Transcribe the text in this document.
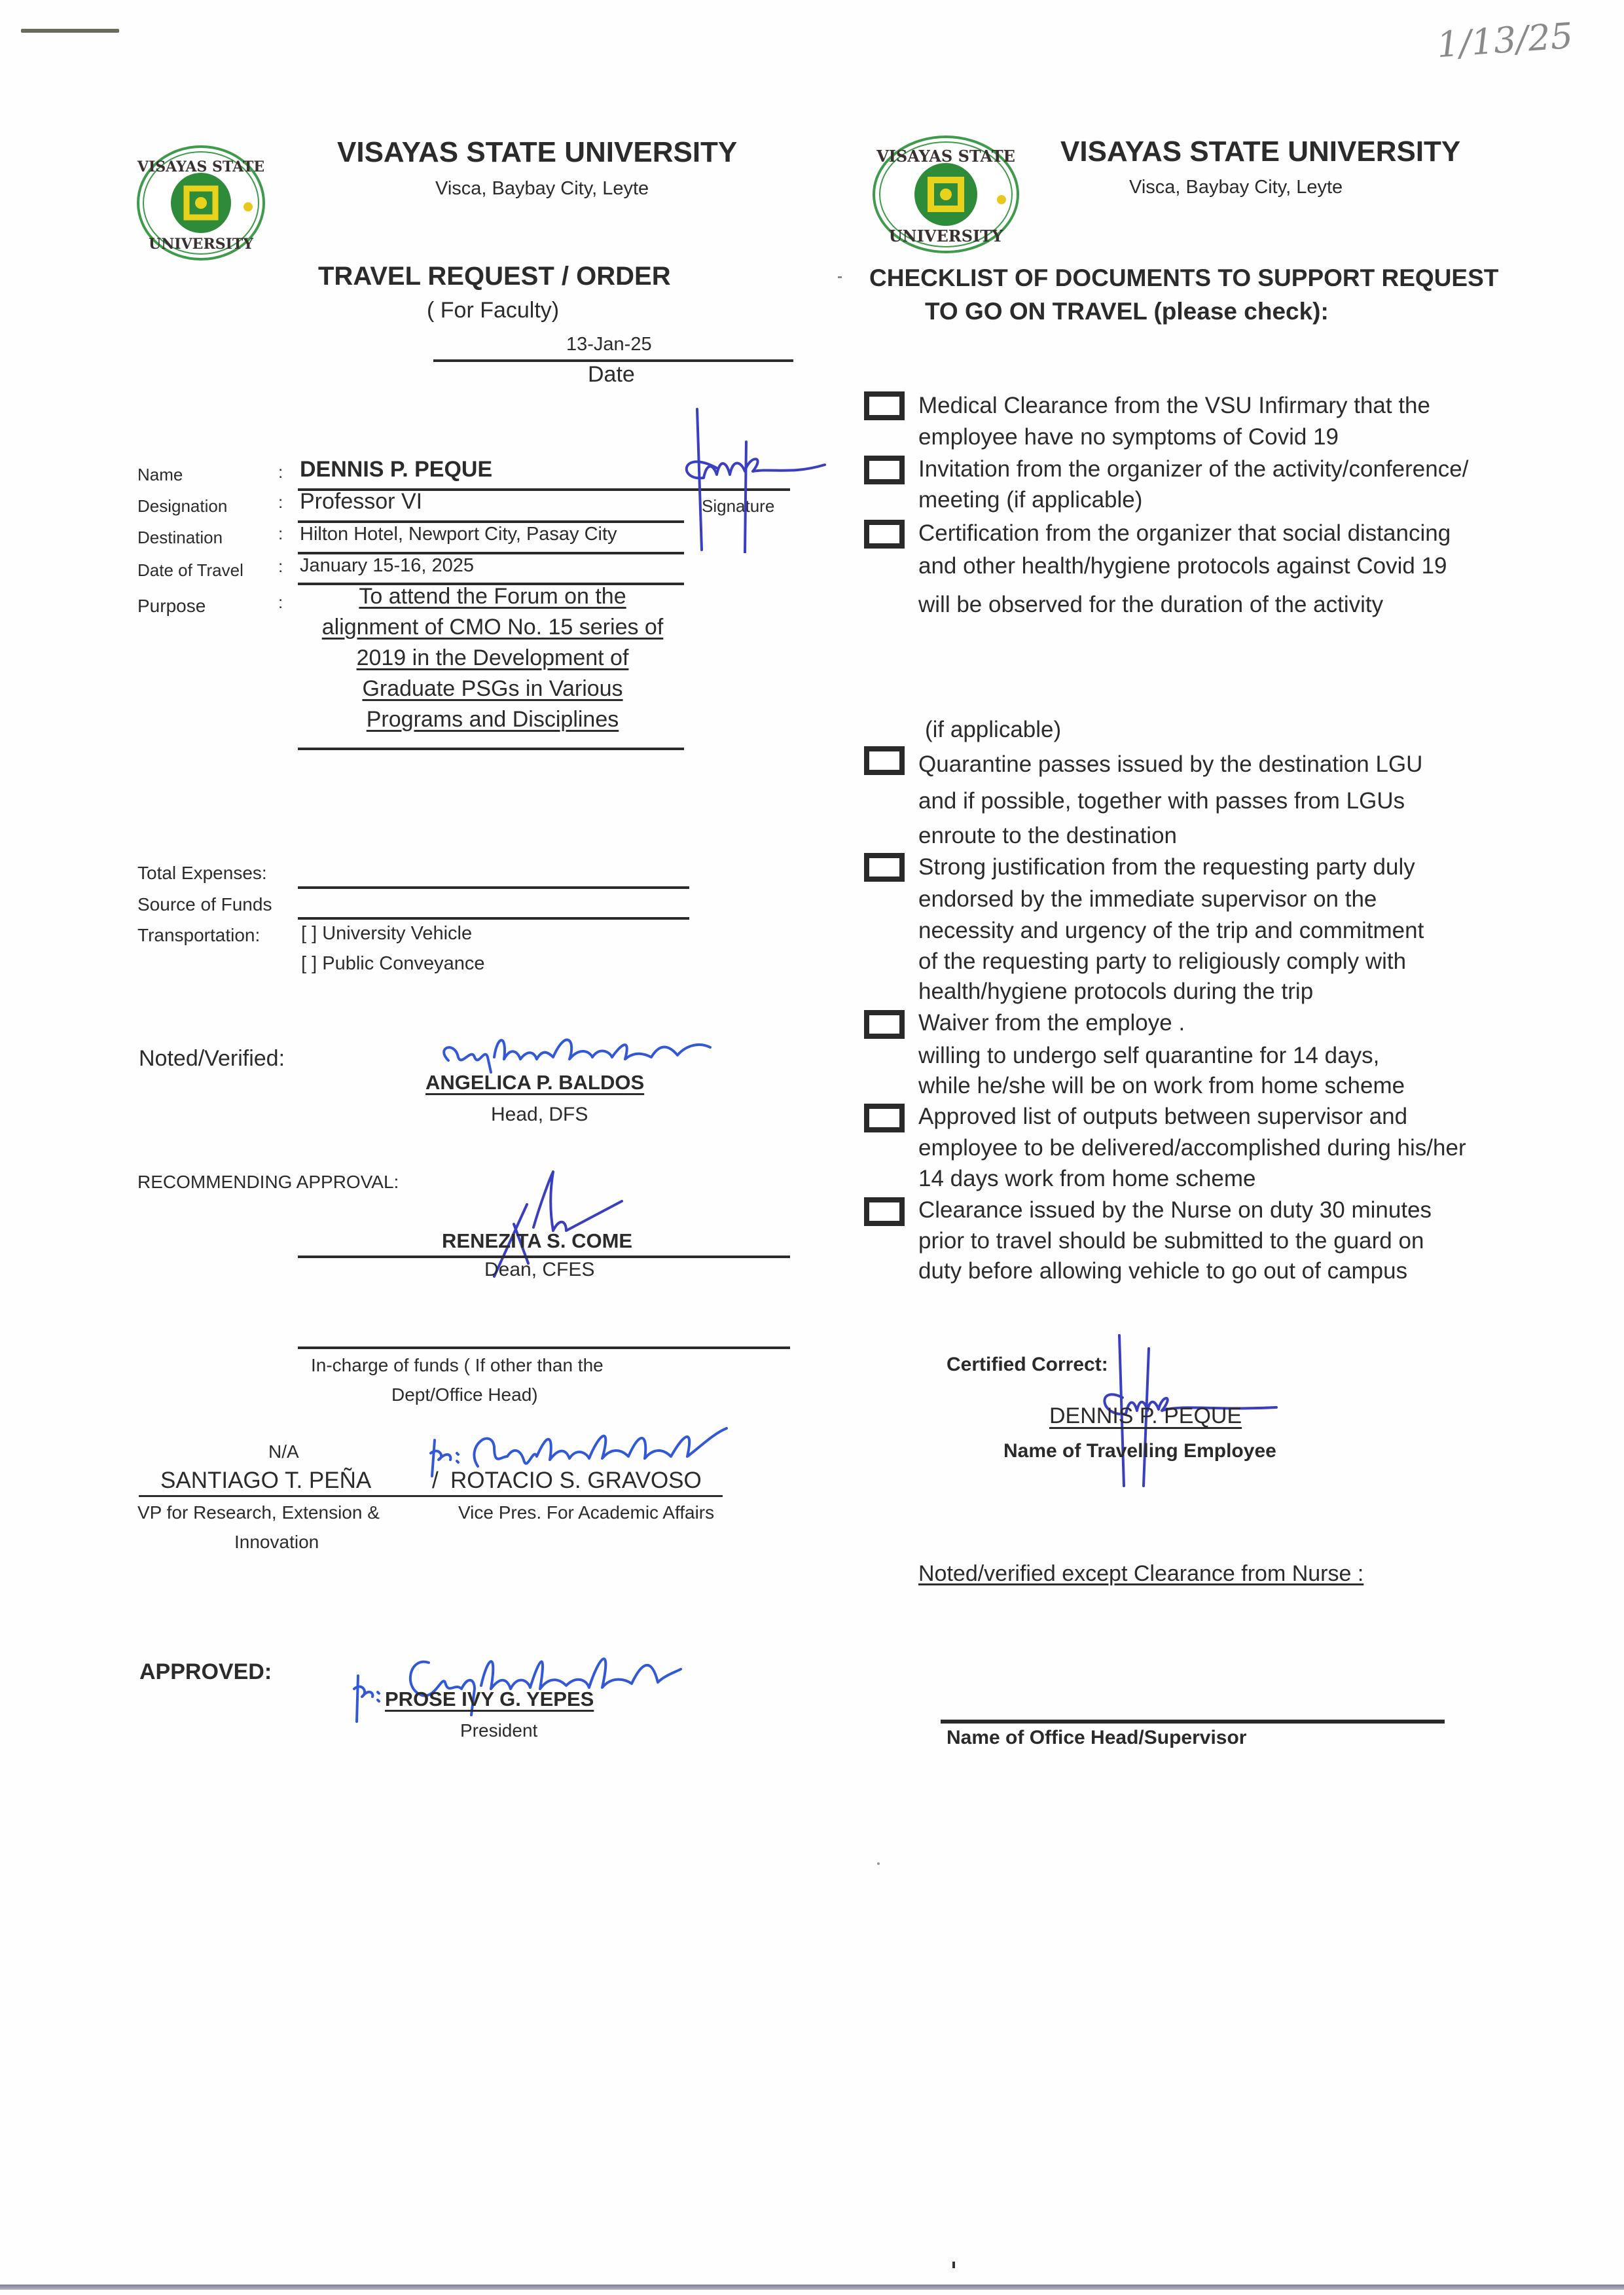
1/13/25
VISAYAS STATE
UNIVERSITY
VISAYAS STATE UNIVERSITY
Visca, Baybay City, Leyte
TRAVEL REQUEST / ORDER
( For Faculty)
13-Jan-25
Date
Name	: DENNIS P. PEQUE
Signature
Designation	: Professor VI
Destination	: Hilton Hotel, Newport City, Pasay City
Date of Travel : January 15-16, 2025
Purpose	:	To attend the Forum on the
alignment of CMO No. 15 series of
2019 in the Development of
Graduate PSGs in Various
Programs and Disciplines
Total Expenses:
Source of Funds
Transportation: [ ] University Vehicle
[ ] Public Conveyance
Noted/Verified:
ANGELICA P. BALDOS
Head, DFS
RECOMMENDING APPROVAL:
RENEZITA S. COME
Dean, CFES
In-charge of funds ( If other than the
Dept/Office Head)
N/A
SANTIAGO T. PEÑA	/ ROTACIO S. GRAVOSO
VP for Research, Extension &
Innovation
Vice Pres. For Academic Affairs
APPROVED:
PROSE IVY G. YEPES
President
VISAYAS STATE
UNIVERSITY
VISAYAS STATE UNIVERSITY
Visca, Baybay City, Leyte
CHECKLIST OF DOCUMENTS TO SUPPORT REQUEST
TO GO ON TRAVEL (please check):
Medical Clearance from the VSU Infirmary that the
employee have no symptoms of Covid 19
Invitation from the organizer of the activity/conference/
meeting (if applicable)
Certification from the organizer that social distancing
and other health/hygiene protocols against Covid 19
will be observed for the duration of the activity
(if applicable)
Quarantine passes issued by the destination LGU
and if possible, together with passes from LGUs
enroute to the destination
Strong justification from the requesting party duly
endorsed by the immediate supervisor on the
necessity and urgency of the trip and commitment
of the requesting party to religiously comply with
health/hygiene protocols during the trip
Waiver from the employe .
willing to undergo self quarantine for 14 days,
while he/she will be on work from home scheme
Approved list of outputs between supervisor and
employee to be delivered/accomplished during his/her
14 days work from home scheme
Clearance issued by the Nurse on duty 30 minutes
prior to travel should be submitted to the guard on
duty before allowing vehicle to go out of campus
Certified Correct:
DENNIS P. PEQUE
Name of Travelling Employee
Noted/verified except Clearance from Nurse :
Name of Office Head/Supervisor
